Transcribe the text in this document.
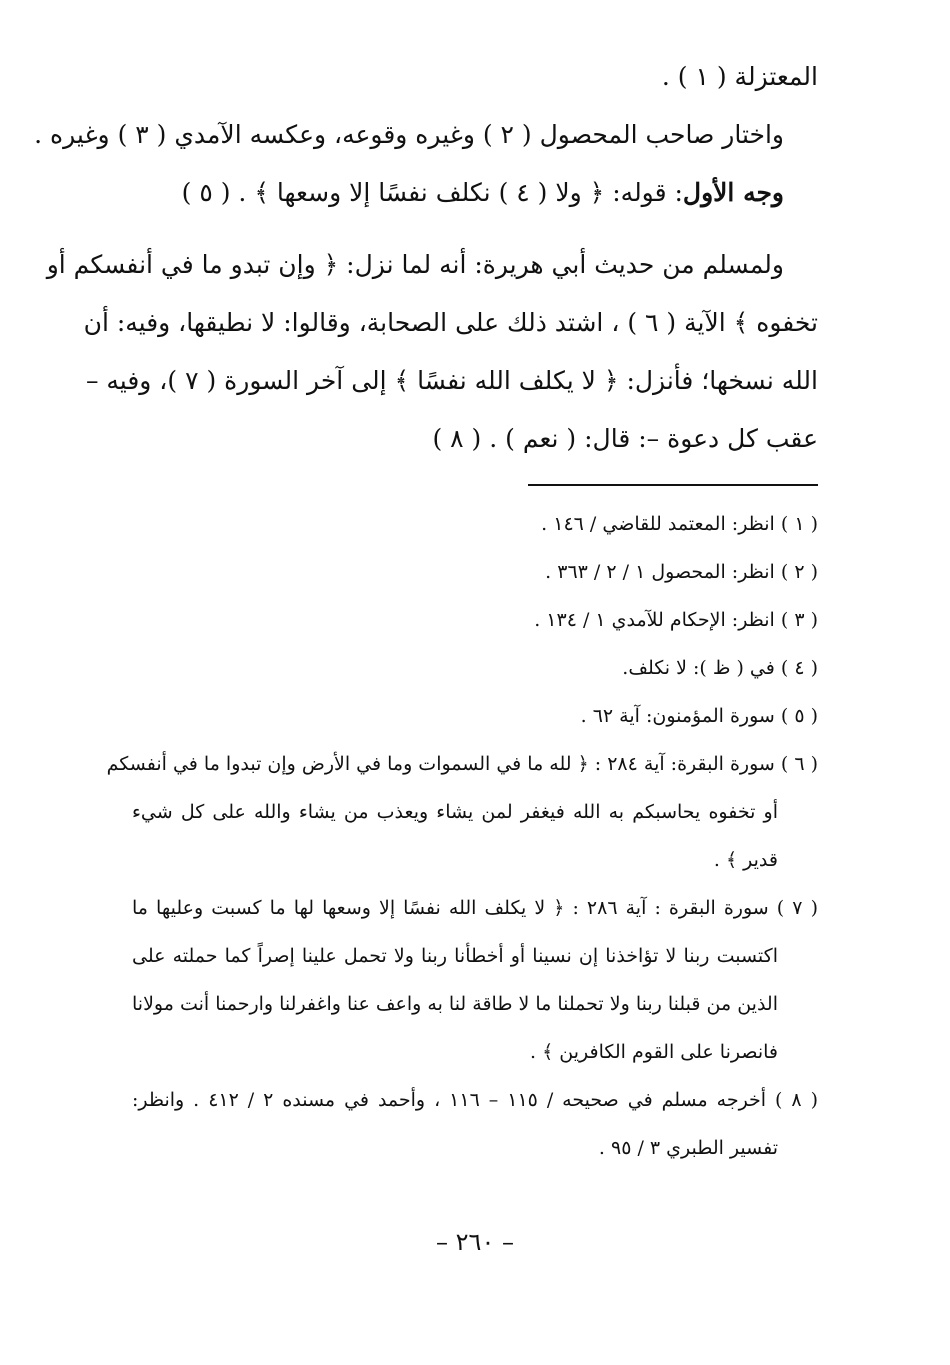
المعتزلة ( ١ ) .
واختار صاحب المحصول ( ٢ ) وغيره وقوعه، وعكسه الآمدي ( ٣ ) وغيره .
وجه الأول: قوله: ﴿ ولا ( ٤ ) نكلف نفسًا إلا وسعها ﴾ . ( ٥ )
ولمسلم من حديث أبي هريرة: أنه لما نزل: ﴿ وإن تبدو ما في أنفسكم أو
تخفوه ﴾ الآية ( ٦ ) ، اشتد ذلك على الصحابة، وقالوا: لا نطيقها، وفيه: أن
الله نسخها؛ فأنزل: ﴿ لا يكلف الله نفسًا ﴾ إلى آخر السورة ( ٧ )، وفيه –
عقب كل دعوة –: قال: ( نعم ) . ( ٨ )
( ١ ) انظر: المعتمد للقاضي / ١٤٦ .
( ٢ ) انظر: المحصول ١ / ٢ / ٣٦٣ .
( ٣ ) انظر: الإحكام للآمدي ١ / ١٣٤ .
( ٤ ) في ( ظ ): لا نكلف.
( ٥ ) سورة المؤمنون: آية ٦٢ .
( ٦ ) سورة البقرة: آية ٢٨٤ : ﴿ لله ما في السموات وما في الأرض وإن تبدوا ما في أنفسكم
أو تخفوه يحاسبكم به الله فيغفر لمن يشاء ويعذب من يشاء والله على كل شيء
قدير ﴾ .
( ٧ ) سورة البقرة : آية ٢٨٦ : ﴿ لا يكلف الله نفسًا إلا وسعها لها ما كسبت وعليها ما
اكتسبت ربنا لا تؤاخذنا إن نسينا أو أخطأنا ربنا ولا تحمل علينا إصراً كما حملته على
الذين من قبلنا ربنا ولا تحملنا ما لا طاقة لنا به واعف عنا واغفرلنا وارحمنا أنت مولانا
فانصرنا على القوم الكافرين ﴾ .
( ٨ ) أخرجه مسلم في صحيحه / ١١٥ – ١١٦ ، وأحمد في مسنده ٢ / ٤١٢ . وانظر:
تفسير الطبري ٣ / ٩٥ .
– ٢٦٠ –
